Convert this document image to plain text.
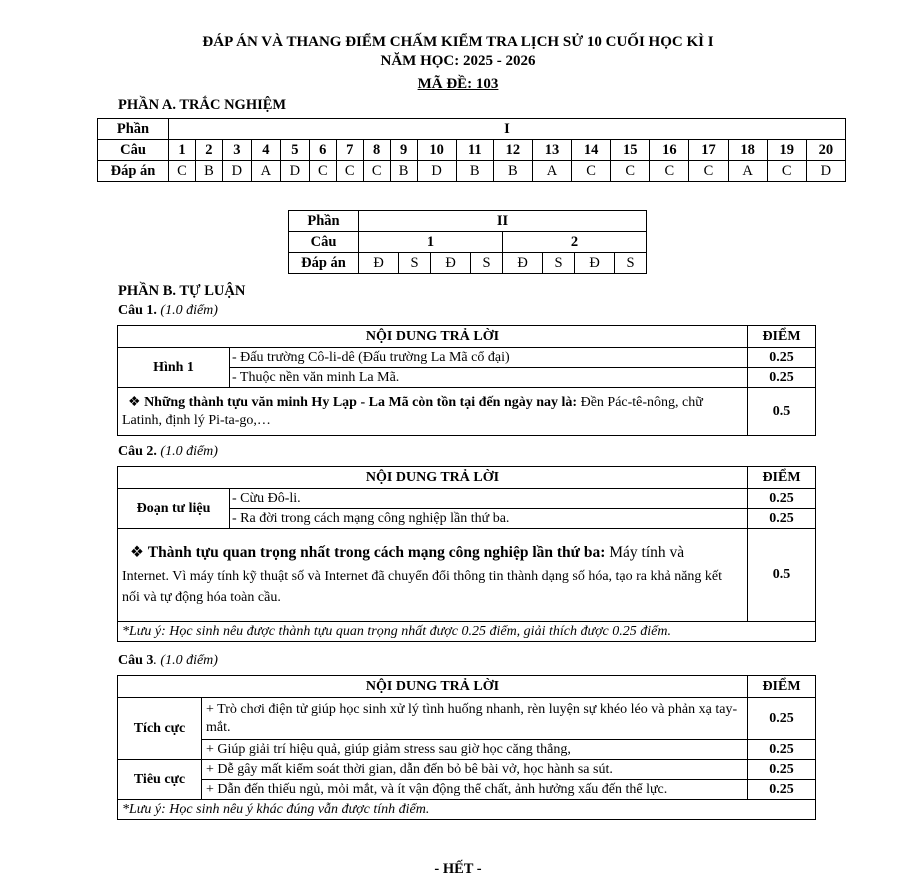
ĐÁP ÁN VÀ THANG ĐIỂM CHẤM KIỂM TRA LỊCH SỬ 10 CUỐI HỌC KÌ I
NĂM HỌC: 2025 - 2026
MÃ ĐỀ: 103
PHẦN A. TRẮC NGHIỆM
Phần	I																			
Câu	1	2	3	4	5	6	7	8	9	10	11	12	13	14	15	16	17	18	19	20
Đáp án	C	B	D	A	D	C	C	C	B	D	B	B	A	C	C	C	C	A	C	D
Phần	II							
Câu	1				2			
Đáp án	Đ	S	Đ	S	Đ	S	Đ	S
PHẦN B. TỰ LUẬN
Câu 1. (1.0 điểm)
NỘI DUNG TRẢ LỜI		ĐIỂM
Hình 1	- Đấu trường Cô-li-dê (Đấu trường La Mã cổ đại)	0.25
	- Thuộc nền văn minh La Mã.	0.25
❖ Những thành tựu văn minh Hy Lạp - La Mã còn tồn tại đến ngày nay là: Đền Pác-tê-nông, chữ Latinh, định lý Pi-ta-go,…		0.5
Câu 2. (1.0 điểm)
NỘI DUNG TRẢ LỜI		ĐIỂM
Đoạn tư liệu	- Cừu Đô-li.	0.25
	- Ra đời trong cách mạng công nghiệp lần thứ ba.	0.25

❖ Thành tựu quan trọng nhất trong cách mạng công nghiệp lần thứ ba: Máy tính và
Internet. Vì máy tính kỹ thuật số và Internet đã chuyển đổi thông tin thành dạng số hóa, tạo ra khả năng kết nối và tự động hóa toàn cầu.		0.5
*Lưu ý: Học sinh nêu được thành tựu quan trọng nhất được 0.25 điểm, giải thích được 0.25 điểm.		
Câu 3. (1.0 điểm)
NỘI DUNG TRẢ LỜI		ĐIỂM
Tích cực	+ Trò chơi điện tử giúp học sinh xử lý tình huống nhanh, rèn luyện sự khéo léo và phản xạ tay-mắt.	0.25
	+ Giúp giải trí hiệu quả, giúp giảm stress sau giờ học căng thẳng,	0.25
Tiêu cực	+ Dễ gây mất kiểm soát thời gian, dẫn đến bỏ bê bài vở, học hành sa sút.	0.25
	+ Dẫn đến thiếu ngủ, mỏi mắt, và ít vận động thể chất, ảnh hưởng xấu đến thể lực.	0.25
*Lưu ý: Học sinh nêu ý khác đúng vẫn được tính điểm.		
- HẾT -
